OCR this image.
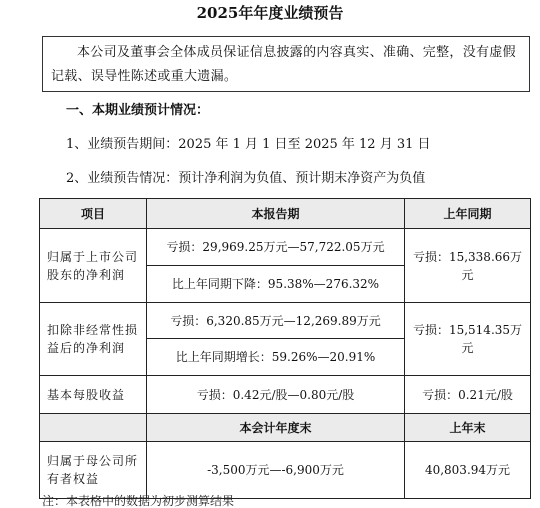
2025年年度业绩预告
本公司及董事会全体成员保证信息披露的内容真实、准确、完整，没有虚假记载、误导性陈述或重大遗漏。
一、本期业绩预计情况：
1、业绩预告期间：2025 年 1 月 1 日至 2025 年 12 月 31 日
2、业绩预告情况：预计净利润为负值、预计期末净资产为负值
项目	本报告期	上年同期
归属于上市公司股东的净利润	亏损：29,969.25万元—57,722.05万元	亏损：15,338.66万元
	比上年同期下降：95.38%—276.32%	
扣除非经常性损益后的净利润	亏损：6,320.85万元—12,269.89万元	亏损：15,514.35万元
	比上年同期增长：59.26%—20.91%	
基本每股收益	亏损：0.42元/股—0.80元/股	亏损：0.21元/股
	本会计年度末	上年末
归属于母公司所有者权益	-3,500万元—-6,900万元	40,803.94万元
注：本表格中的数据为初步测算结果
